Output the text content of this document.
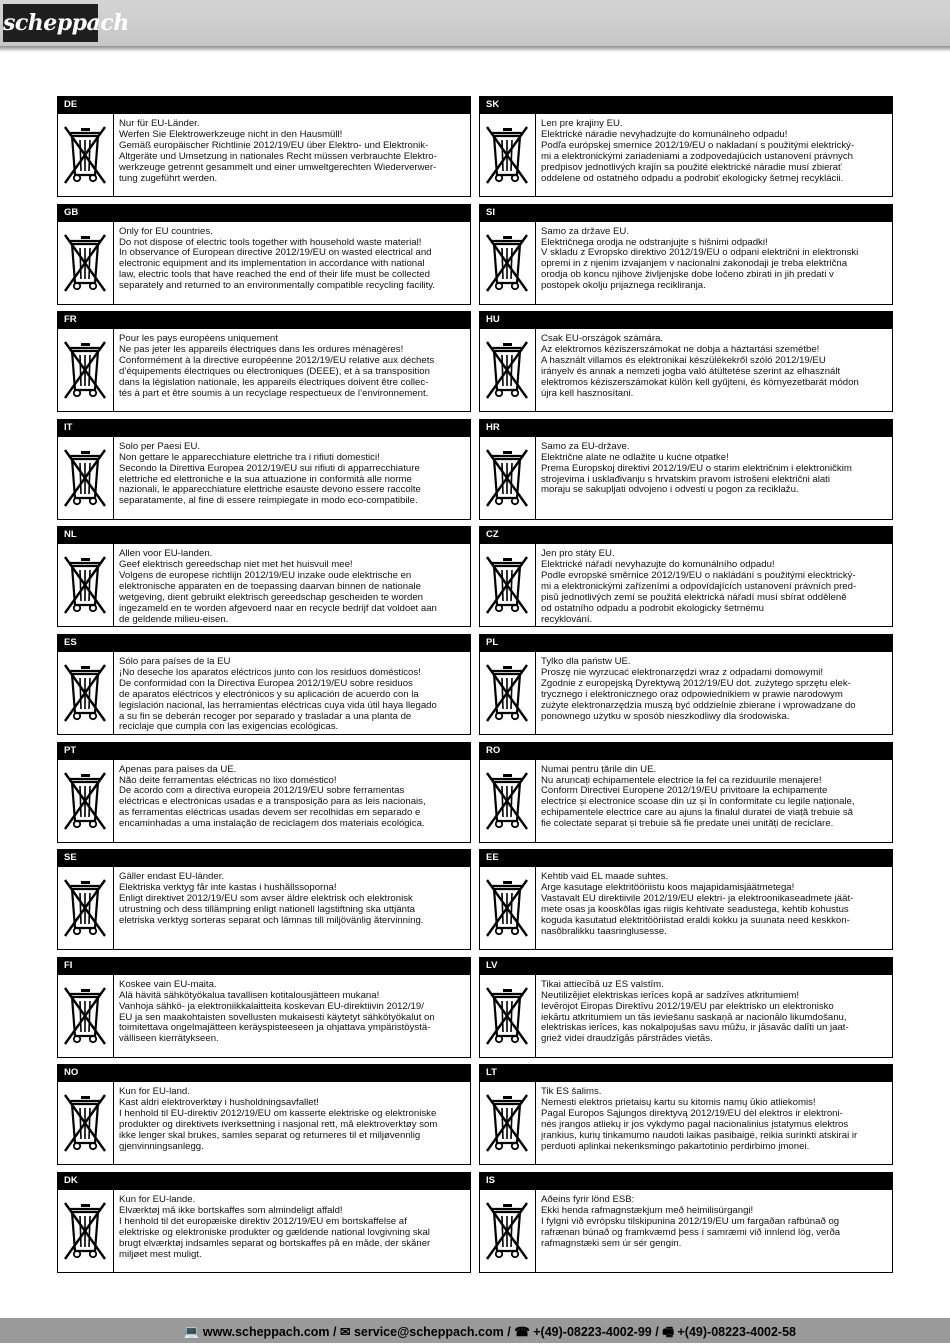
scheppach
DE
Nur für EU-Länder.
Werfen Sie Elektrowerkzeuge nicht in den Hausmüll!
Gemäß europäischer Richtlinie 2012/19/EU über Elektro- und Elektronik-
Altgeräte und Umsetzung in nationales Recht müssen verbrauchte Elektro-
werkzeuge getrennt gesammelt und einer umweltgerechten Wiederverwer-
tung zugeführt werden.
GB
Only for EU countries.
Do not dispose of electric tools together with household waste material!
In observance of European directive 2012/19/EU on wasted electrical and
electronic equipment and its implementation in accordance with national
law, electric tools that have reached the end of their life must be collected
separately and returned to an environmentally compatible recycling facility.
FR
Pour les pays européens uniquement
Ne pas jeter les appareils électriques dans les ordures ménagères!
Conformément à la directive européenne 2012/19/EU relative aux déchets
d’équipements électriques ou électroniques (DEEE), et à sa transposition
dans la législation nationale, les appareils électriques doivent être collec-
tés à part et être soumis à un recyclage respectueux de l’environnement.
IT
Solo per Paesi EU.
Non gettare le apparecchiature elettriche tra i rifiuti domestici!
Secondo la Direttiva Europea 2012/19/EU sui rifiuti di apparrecchiature
elettriche ed elettroniche e la sua attuazione in conformità alle norme
nazionali, le apparecchiature elettriche esauste devono essere raccolte
separatamente, al fine di essere reimpiegate in modo eco-compatibile.
NL
Allen voor EU-landen.
Geef elektrisch gereedschap niet met het huisvuil mee!
Volgens de europese richtlijn 2012/19/EU inzake oude elektrische en
elektronische apparaten en de toepassing daarvan binnen de nationale
wetgeving, dient gebruikt elektrisch gereedschap gescheiden te worden
ingezameld en te worden afgevoerd naar en recycle bedrijf dat voldoet aan
de geldende milieu-eisen.
ES
Sólo para países de la EU
¡No deseche los aparatos eléctricos junto con los residuos domésticos!
De conformidad con la Directiva Europea 2012/19/EU sobre residuos
de aparatos eléctricos y electrónicos y su aplicación de acuerdo con la
legislación nacional, las herramientas eléctricas cuya vida útil haya llegado
a su fin se deberán recoger por separado y trasladar a una planta de
reciclaje que cumpla con las exigencias ecológicas.
PT
Apenas para países da UE.
Não deite ferramentas eléctricas no lixo doméstico!
De acordo com a directiva europeia 2012/19/EU sobre ferramentas
eléctricas e electrónicas usadas e a transposição para as leis nacionais,
as ferramentas eléctricas usadas devem ser recolhidas em separado e
encaminhadas a uma instalação de reciclagem dos materiais ecológica.
SE
Gäller endast EU-länder.
Elektriska verktyg får inte kastas i hushållssoporna!
Enligt direktivet 2012/19/EU som avser äldre elektrisk och elektronisk
utrustning och dess tillämpning enligt nationell lagstiftning ska uttjänta
eletriska verktyg sorteras separat och lämnas till miljövänlig återvinning.
FI
Koskee vain EU-maita.
Älä hävitä sähkötyökalua tavallisen kotitalousjätteen mukana!
Vanhoja sähkö- ja elektroniikkalaitteita koskevan EU-direktiivin 2012/19/
EU ja sen maakohtaisten sovellusten mukaisesti käytetyt sähkötyökalut on
toimitettava ongelmajätteen keräyspisteeseen ja ohjattava ympäristöystä-
välliseen kierrätykseen.
NO
Kun for EU-land.
Kast aldri elektroverktøy i husholdningsavfallet!
I henhold til EU-direktiv 2012/19/EU om kasserte elektriske og elektroniske
produkter og direktivets iverksettning i nasjonal rett, må elektroverktøy som
ikke lenger skal brukes, samles separat og returneres til et miljøvennlig
gjenvinningsanlegg.
DK
Kun for EU-lande.
Elværktøj må ikke bortskaffes som almindeligt affald!
I henhold til det europæiske direktiv 2012/19/EU em bortskaffelse af
elektriske og elektroniske produkter og gældende national lovgivning skal
brugt elværktøj indsamles separat og bortskaffes på en måde, der skåner
miljøet mest muligt.
SK
Len pre krajiny EÚ.
Elektrické náradie nevyhadzujte do komunálneho odpadu!
Podľa európskej smernice 2012/19/EU o nakladaní s použitými elektrický-
mi a elektronickými zariadeniami a zodpovedajúcich ustanovení právnych
predpisov jednotlivých krajín sa použité elektrické náradie musí zbierať
oddelene od ostatného odpadu a podrobiť ekologicky šetrnej recyklácii.
SI
Samo za države EU.
Električnega orodja ne odstranjujte s hišnimi odpadki!
V skladu z Evropsko direktivo 2012/19/EU o odpani električni in elektronski
opremi in z njenim izvajanjem v nacionalni zakonodaji je treba električna
orodja ob koncu njihove življenjske dobe ločeno zbirati in jih predati v
postopek okolju prijaznega recikliranja.
HU
Csak EU-országok számára.
Az elektromos kéziszerszámokat ne dobja a háztartási szemétbe!
A használt villamos és elektronikai készülékekről szóló 2012/19/EU
irányelv és annak a nemzeti jogba való átültetése szerint az elhasznált
elektromos kéziszerszámokat külön kell gyűjteni, és környezetbarát módon
újra kell hasznosítani.
HR
Samo za EU-države.
Električne alate ne odlažite u kućne otpatke!
Prema Europskoj direktivi 2012/19/EU o starim električnim i elektroničkim
strojevima i usklađivanju s hrvatskim pravom istrošeni električni alati
moraju se sakupljati odvojeno i odvesti u pogon za reciklažu.
CZ
Jen pro státy EU.
Elektrické nářadí nevyhazujte do komunálního odpadu!
Podle evropské směrnice 2012/19/EU o nakládání s použitými elecktrický-
mi a elektronickými zařízeními a odpovídajících ustanovení právních pred-
pisů jednotlivých zemí se použitá elektrická nářadí musí sbírat odděleně
od ostatního odpadu a podrobit ekologicky šetrnému
recyklování.
PL
Tylko dla państw UE.
Proszę nie wyrzucać elektronarzędzi wraz z odpadami domowymi!
Zgodnie z europejską Dyrektywą 2012/19/EU dot. zużytego sprzętu elek-
trycznego i elektronicznego oraz odpowiednikiem w prawie narodowym
zużyte elektronarzędzia muszą być oddzielnie zbierane i wprowadzane do
ponownego użytku w sposób nieszkodliwy dla środowiska.
RO
Numai pentru țările din UE.
Nu aruncați echipamentele electrice la fel ca reziduurile menajere!
Conform Directivei Europene 2012/19/EU privitoare la echipamente
electrice și electronice scoase din uz și în conformitate cu legile naționale,
echipamentele electrice care au ajuns la finalul duratei de viață trebuie să
fie colectate separat și trebuie să fie predate unei unități de reciclare.
EE
Kehtib vaid EL maade suhtes.
Ärge kasutage elektritööriistu koos majapidamisjäätmetega!
Vastavalt EÜ direktiivile 2012/19/EU elektri- ja elektroonikaseadmete jäät-
mete osas ja kooskõlas igas riigis kehtivate seadustega, kehtib kohustus
koguda kasutatud elektritööriistad eraldi kokku ja suunata need keskkon-
nasõbralikku taasringlusesse.
LV
Tikai attiecībā uz ES valstīm.
Neutilizējiet elektriskas ierīces kopā ar sadzīves atkritumiem!
Ievērojot Eiropas Direktīvu 2012/19/EU par elektrisko un elektronisko
iekārtu atkritumiem un tās ieviešanu saskaņā ar nacionālo likumdošanu,
elektriskas ierīces, kas nokalpojušas savu mūžu, ir jāsavāc dalīti un jaat-
griež videi draudzīgās pārstrādes vietās.
LT
Tik ES šalims.
Nemesti elektros prietaisų kartu su kitomis namų ūkio atliekomis!
Pagal Europos Sąjungos direktyvą 2012/19/EU dėl elektros ir elektroni-
nės įrangos atliekų ir jos vykdymo pagal nacionalinius įstatymus elektros
įrankius, kurių tinkamumo naudoti laikas pasibaigė, reikia surinkti atskirai ir
perduoti aplinkai nekenksmingo pakartotinio perdirbimo įmonei.
IS
Aðeins fyrir lönd ESB:
Ekki henda rafmagnstækjum með heimilisúrgangi!
Í fylgni við evrópsku tilskipunina 2012/19/EU um fargaðan rafbúnað og
rafrænan búnað og framkvæmd þess í samræmi við innlend lög, verða
rafmagnstæki sem úr sér gengin.
💻 www.scheppach.com / ✉ service@scheppach.com / ☎ +(49)-08223-4002-99 / 🖷 +(49)-08223-4002-58
